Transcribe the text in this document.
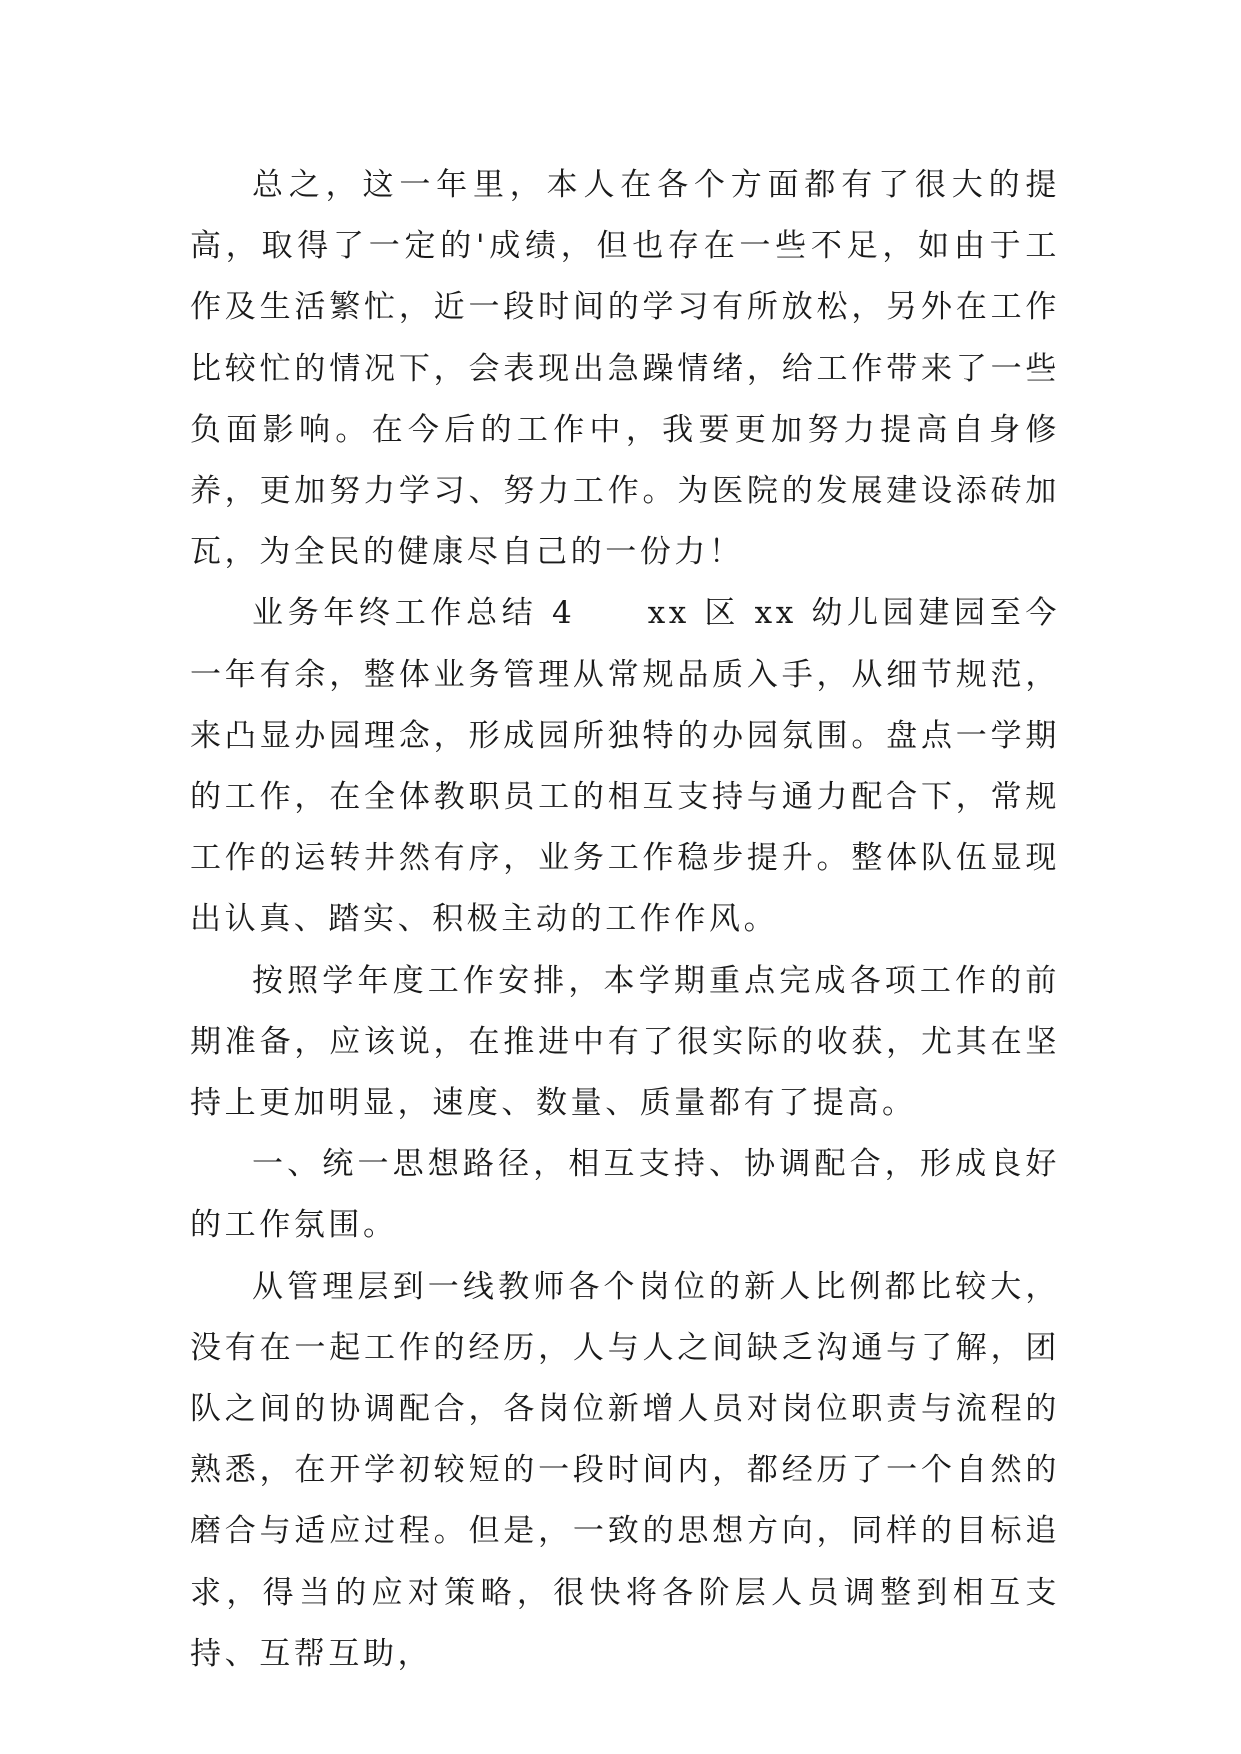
总之，这一年里，本人在各个方面都有了很大的提高，取得了一定的'成绩，但也存在一些不足，如由于工作及生活繁忙，近一段时间的学习有所放松，另外在工作比较忙的情况下，会表现出急躁情绪，给工作带来了一些负面影响。在今后的工作中，我要更加努力提高自身修养，更加努力学习、努力工作。为医院的发展建设添砖加瓦，为全民的健康尽自己的一份力！

业务年终工作总结 4　　xx 区 xx 幼儿园建园至今一年有余，整体业务管理从常规品质入手，从细节规范，来凸显办园理念，形成园所独特的办园氛围。盘点一学期的工作，在全体教职员工的相互支持与通力配合下，常规工作的运转井然有序，业务工作稳步提升。整体队伍显现出认真、踏实、积极主动的工作作风。

按照学年度工作安排，本学期重点完成各项工作的前期准备，应该说，在推进中有了很实际的收获，尤其在坚持上更加明显，速度、数量、质量都有了提高。

一、统一思想路径，相互支持、协调配合，形成良好的工作氛围。

从管理层到一线教师各个岗位的新人比例都比较大，没有在一起工作的经历，人与人之间缺乏沟通与了解，团队之间的协调配合，各岗位新增人员对岗位职责与流程的熟悉，在开学初较短的一段时间内，都经历了一个自然的磨合与适应过程。但是，一致的思想方向，同样的目标追求，得当的应对策略，很快将各阶层人员调整到相互支持、互帮互助，
